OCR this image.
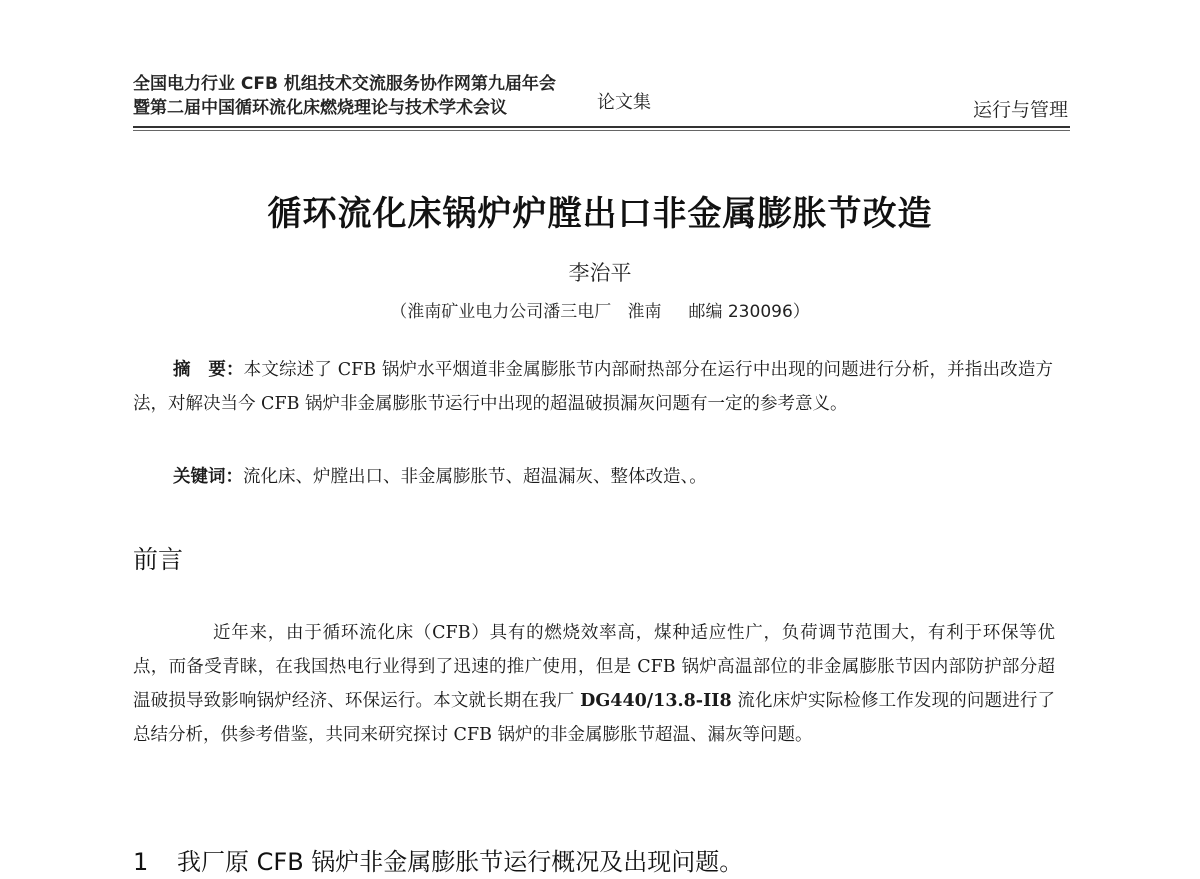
全国电力行业 CFB 机组技术交流服务协作网第九届年会
暨第二届中国循环流化床燃烧理论与技术学术会议	论文集	运行与管理
循环流化床锅炉炉膛出口非金属膨胀节改造
李治平
（淮南矿业电力公司潘三电厂   淮南     邮编 230096）
摘　要：本文综述了 CFB 锅炉水平烟道非金属膨胀节内部耐热部分在运行中出现的问题进行分析，并指出改造方法，对解决当今 CFB 锅炉非金属膨胀节运行中出现的超温破损漏灰问题有一定的参考意义。
关键词：流化床、炉膛出口、非金属膨胀节、超温漏灰、整体改造、。
前言
近年来，由于循环流化床（CFB）具有的燃烧效率高，煤种适应性广，负荷调节范围大，有利于环保等优点，而备受青睐，在我国热电行业得到了迅速的推广使用，但是 CFB 锅炉高温部位的非金属膨胀节因内部防护部分超温破损导致影响锅炉经济、环保运行。本文就长期在我厂 DG440/13.8-II8 流化床炉实际检修工作发现的问题进行了总结分析，供参考借鉴，共同来研究探讨 CFB 锅炉的非金属膨胀节超温、漏灰等问题。
1 我厂原 CFB 锅炉非金属膨胀节运行概况及出现问题。
